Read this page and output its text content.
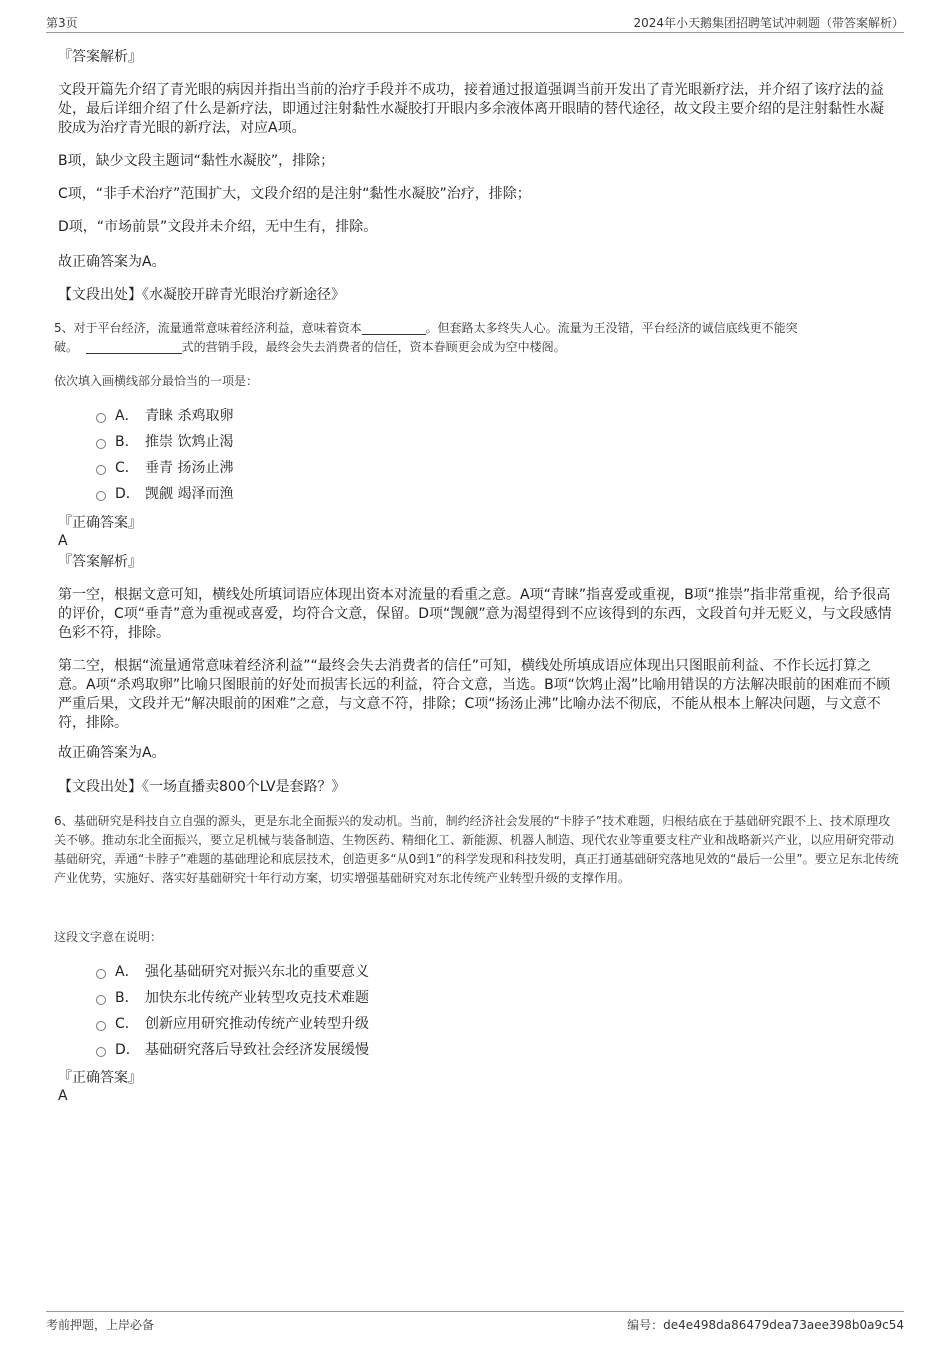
第3页	2024年小天鹅集团招聘笔试冲刺题（带答案解析）
『答案解析』
文段开篇先介绍了青光眼的病因并指出当前的治疗手段并不成功，接着通过报道强调当前开发出了青光眼新疗法，并介绍了该疗法的益处，最后详细介绍了什么是新疗法，即通过注射黏性水凝胶打开眼内多余液体离开眼睛的替代途径，故文段主要介绍的是注射黏性水凝胶成为治疗青光眼的新疗法，对应A项。
B项，缺少文段主题词“黏性水凝胶”，排除；
C项，“非手术治疗”范围扩大，文段介绍的是注射“黏性水凝胶”治疗，排除；
D项，“市场前景”文段并未介绍，无中生有，排除。
故正确答案为A。
【文段出处】《水凝胶开辟青光眼治疗新途径》
5、对于平台经济，流量通常意味着经济利益，意味着资本	。但套路太多终失人心。流量为王没错，平台经济的诚信底线更不能突
破。	式的营销手段，最终会失去消费者的信任，资本眷顾更会成为空中楼阁。
依次填入画横线部分最恰当的一项是：
A． 青睐 杀鸡取卵
B． 推崇 饮鸩止渴
C． 垂青 扬汤止沸
D． 觊觎 竭泽而渔
『正确答案』
A
『答案解析』
第一空，根据文意可知，横线处所填词语应体现出资本对流量的看重之意。A项“青睐”指喜爱或重视，B项“推崇”指非常重视，给予很高的评价，C项“垂青”意为重视或喜爱，均符合文意，保留。D项“觊觎”意为渴望得到不应该得到的东西，文段首句并无贬义，与文段感情色彩不符，排除。
第二空，根据“流量通常意味着经济利益”“最终会失去消费者的信任”可知，横线处所填成语应体现出只图眼前利益、不作长远打算之意。A项“杀鸡取卵”比喻只图眼前的好处而损害长远的利益，符合文意，当选。B项“饮鸩止渴”比喻用错误的方法解决眼前的困难而不顾严重后果，文段并无“解决眼前的困难”之意，与文意不符，排除；C项“扬汤止沸”比喻办法不彻底，不能从根本上解决问题，与文意不符，排除。
故正确答案为A。
【文段出处】《一场直播卖800个LV是套路？》
6、基础研究是科技自立自强的源头，更是东北全面振兴的发动机。当前，制约经济社会发展的“卡脖子”技术难题，归根结底在于基础研究跟不上、技术原理攻关不够。推动东北全面振兴，要立足机械与装备制造、生物医药、精细化工、新能源、机器人制造、现代农业等重要支柱产业和战略新兴产业，以应用研究带动基础研究，弄通“卡脖子”难题的基础理论和底层技术，创造更多“从0到1”的科学发现和科技发明，真正打通基础研究落地见效的“最后一公里”。要立足东北传统产业优势，实施好、落实好基础研究十年行动方案，切实增强基础研究对东北传统产业转型升级的支撑作用。
这段文字意在说明：
A． 强化基础研究对振兴东北的重要意义
B． 加快东北传统产业转型攻克技术难题
C． 创新应用研究推动传统产业转型升级
D． 基础研究落后导致社会经济发展缓慢
『正确答案』
A
考前押题，上岸必备	编号：de4e498da86479dea73aee398b0a9c54
